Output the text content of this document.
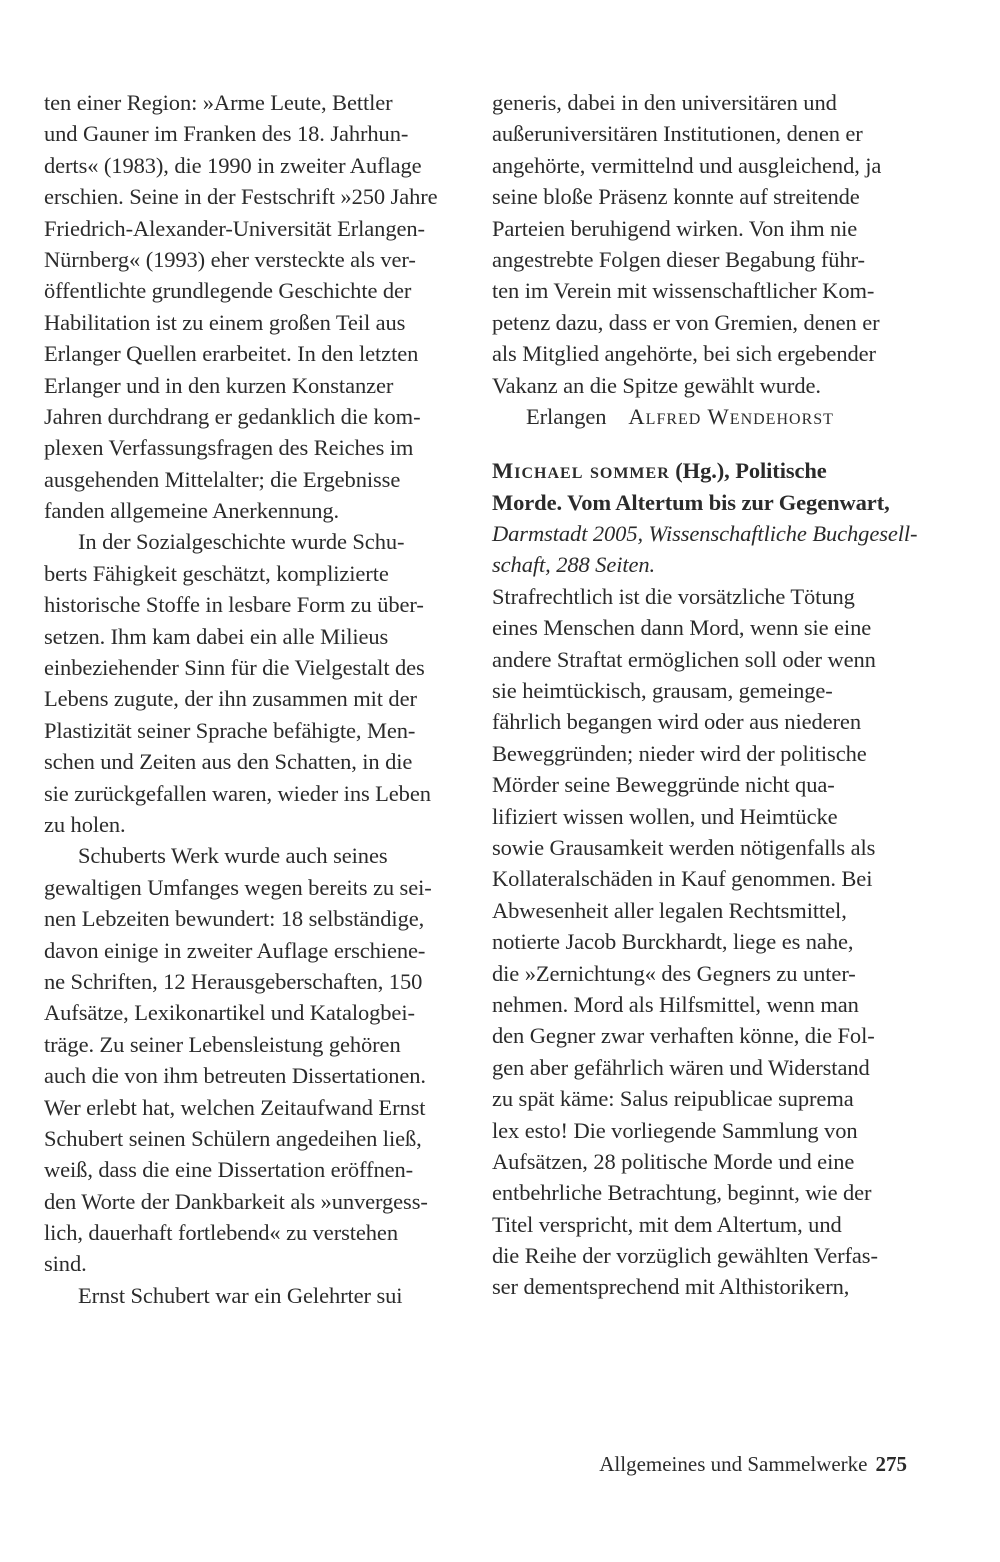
ten einer Region: »Arme Leute, Bettler
und Gauner im Franken des 18. Jahrhun-
derts« (1983), die 1990 in zweiter Auflage
erschien. Seine in der Festschrift »250 Jahre
Friedrich-Alexander-Universität Erlangen-
Nürnberg« (1993) eher versteckte als ver-
öffentlichte grundlegende Geschichte der
Habilitation ist zu einem großen Teil aus
Erlanger Quellen erarbeitet. In den letzten
Erlanger und in den kurzen Konstanzer
Jahren durchdrang er gedanklich die kom-
plexen Verfassungsfragen des Reiches im
ausgehenden Mittelalter; die Ergebnisse
fanden allgemeine Anerkennung.
In der Sozialgeschichte wurde Schu-
berts Fähigkeit geschätzt, komplizierte
historische Stoffe in lesbare Form zu über-
setzen. Ihm kam dabei ein alle Milieus
einbeziehender Sinn für die Vielgestalt des
Lebens zugute, der ihn zusammen mit der
Plastizität seiner Sprache befähigte, Men-
schen und Zeiten aus den Schatten, in die
sie zurückgefallen waren, wieder ins Leben
zu holen.
Schuberts Werk wurde auch seines
gewaltigen Umfanges wegen bereits zu sei-
nen Lebzeiten bewundert: 18 selbständige,
davon einige in zweiter Auflage erschiene-
ne Schriften, 12 Herausgeberschaften, 150
Aufsätze, Lexikonartikel und Katalogbei-
träge. Zu seiner Lebensleistung gehören
auch die von ihm betreuten Dissertationen.
Wer erlebt hat, welchen Zeitaufwand Ernst
Schubert seinen Schülern angedeihen ließ,
weiß, dass die eine Dissertation eröffnen-
den Worte der Dankbarkeit als »unvergess-
lich, dauerhaft fortlebend« zu verstehen
sind.
Ernst Schubert war ein Gelehrter sui
generis, dabei in den universitären und
außeruniversitären Institutionen, denen er
angehörte, vermittelnd und ausgleichend, ja
seine bloße Präsenz konnte auf streitende
Parteien beruhigend wirken. Von ihm nie
angestrebte Folgen dieser Begabung führ-
ten im Verein mit wissenschaftlicher Kom-
petenz dazu, dass er von Gremien, denen er
als Mitglied angehörte, bei sich ergebender
Vakanz an die Spitze gewählt wurde.
Erlangen Alfred Wendehorst
Michael sommer (Hg.), Politische
Morde. Vom Altertum bis zur Gegenwart,
Darmstadt 2005, Wissenschaftliche Buchgesell-
schaft, 288 Seiten.
Strafrechtlich ist die vorsätzliche Tötung
eines Menschen dann Mord, wenn sie eine
andere Straftat ermöglichen soll oder wenn
sie heimtückisch, grausam, gemeinge-
fährlich begangen wird oder aus niederen
Beweggründen; nieder wird der politische
Mörder seine Beweggründe nicht qua-
lifiziert wissen wollen, und Heimtücke
sowie Grausamkeit werden nötigenfalls als
Kollateralschäden in Kauf genommen. Bei
Abwesenheit aller legalen Rechtsmittel,
notierte Jacob Burckhardt, liege es nahe,
die »Zernichtung« des Gegners zu unter-
nehmen. Mord als Hilfsmittel, wenn man
den Gegner zwar verhaften könne, die Fol-
gen aber gefährlich wären und Widerstand
zu spät käme: Salus reipublicae suprema
lex esto! Die vorliegende Sammlung von
Aufsätzen, 28 politische Morde und eine
entbehrliche Betrachtung, beginnt, wie der
Titel verspricht, mit dem Altertum, und
die Reihe der vorzüglich gewählten Verfas-
ser dementsprechend mit Althistorikern,
Allgemeines und Sammelwerke 275
